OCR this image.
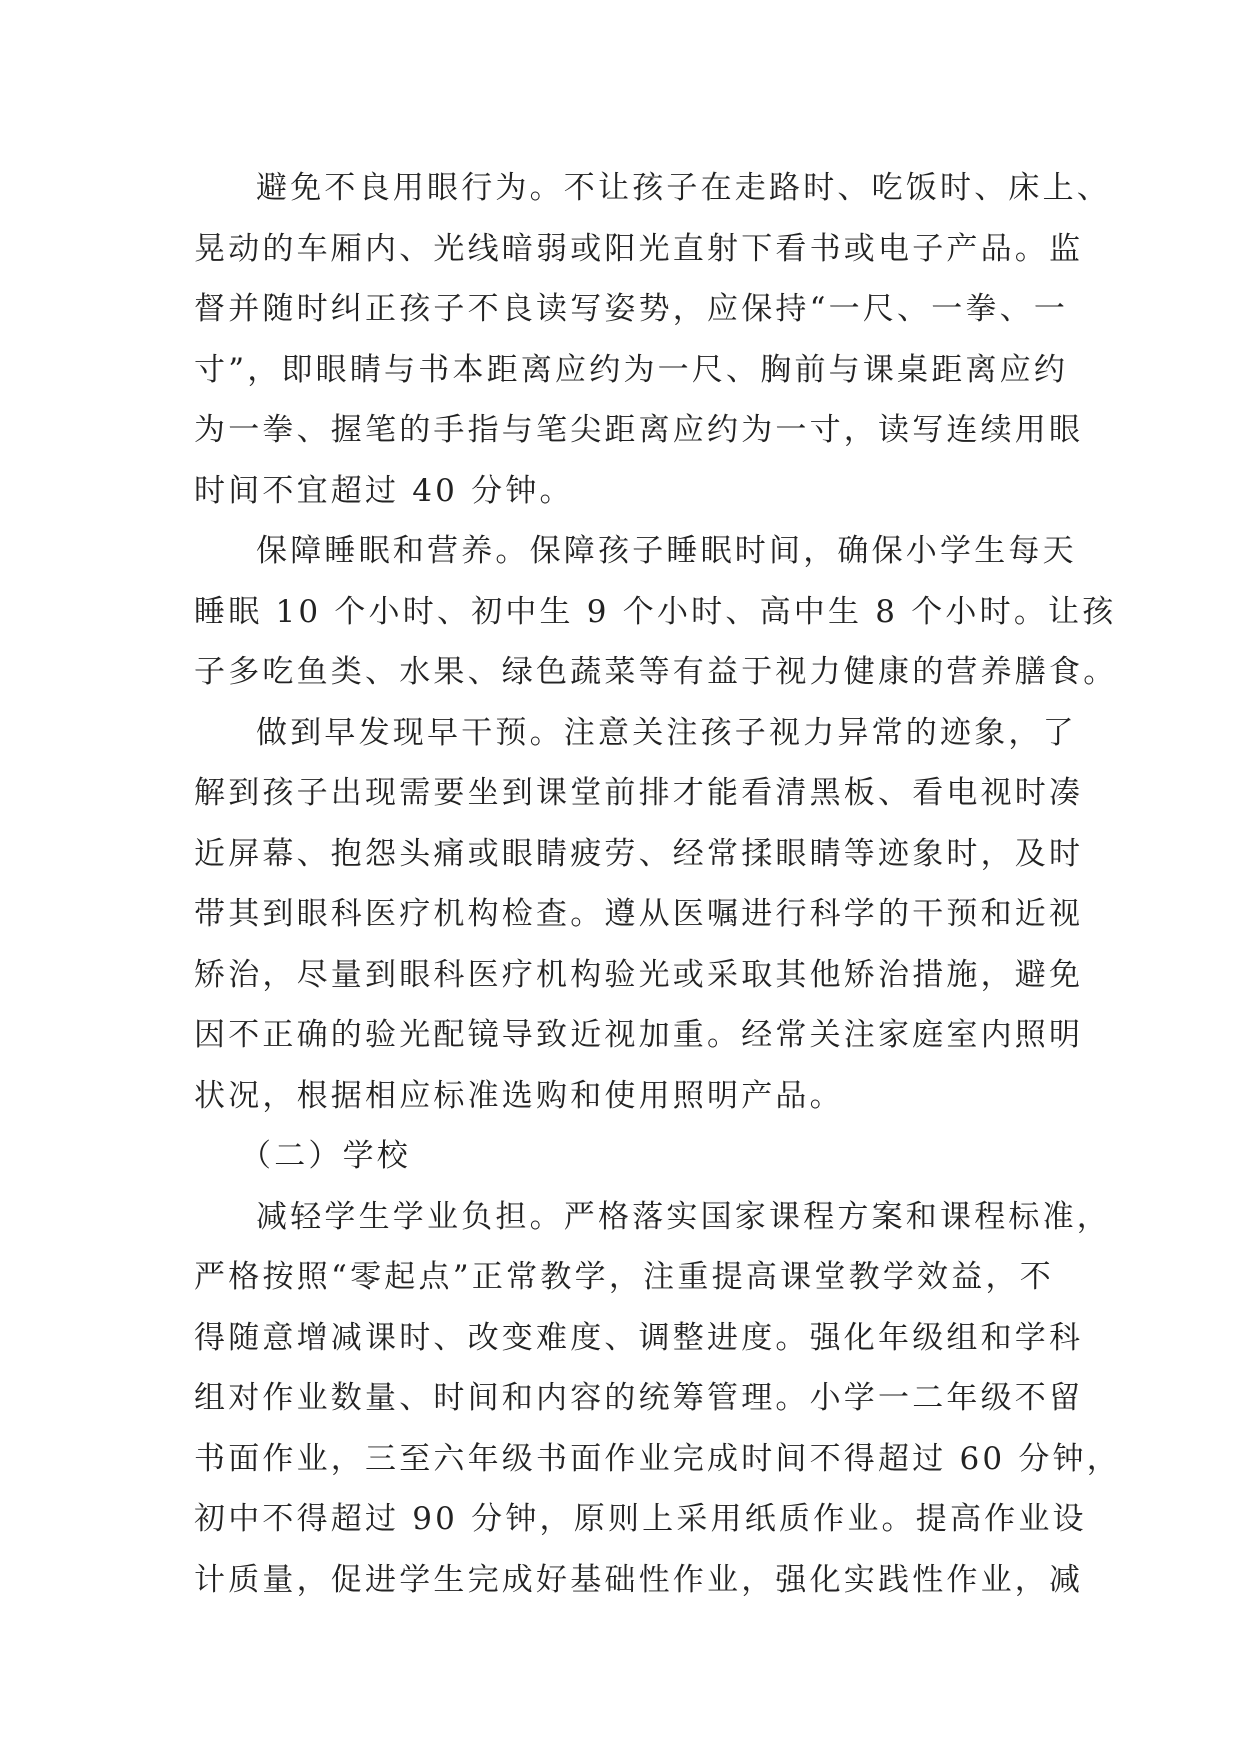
避免不良用眼行为。不让孩子在走路时、吃饭时、床上、
晃动的车厢内、光线暗弱或阳光直射下看书或电子产品。监
督并随时纠正孩子不良读写姿势，应保持“一尺、一拳、一
寸”，即眼睛与书本距离应约为一尺、胸前与课桌距离应约
为一拳、握笔的手指与笔尖距离应约为一寸，读写连续用眼
时间不宜超过 40 分钟。
保障睡眠和营养。保障孩子睡眠时间，确保小学生每天
睡眠 10 个小时、初中生 9 个小时、高中生 8 个小时。让孩
子多吃鱼类、水果、绿色蔬菜等有益于视力健康的营养膳食。
做到早发现早干预。注意关注孩子视力异常的迹象，了
解到孩子出现需要坐到课堂前排才能看清黑板、看电视时凑
近屏幕、抱怨头痛或眼睛疲劳、经常揉眼睛等迹象时，及时
带其到眼科医疗机构检查。遵从医嘱进行科学的干预和近视
矫治，尽量到眼科医疗机构验光或采取其他矫治措施，避免
因不正确的验光配镜导致近视加重。经常关注家庭室内照明
状况，根据相应标准选购和使用照明产品。
（二）学校
减轻学生学业负担。严格落实国家课程方案和课程标准，
严格按照“零起点”正常教学，注重提高课堂教学效益，不
得随意增减课时、改变难度、调整进度。强化年级组和学科
组对作业数量、时间和内容的统筹管理。小学一二年级不留
书面作业，三至六年级书面作业完成时间不得超过 60 分钟，
初中不得超过 90 分钟，原则上采用纸质作业。提高作业设
计质量，促进学生完成好基础性作业，强化实践性作业，减
